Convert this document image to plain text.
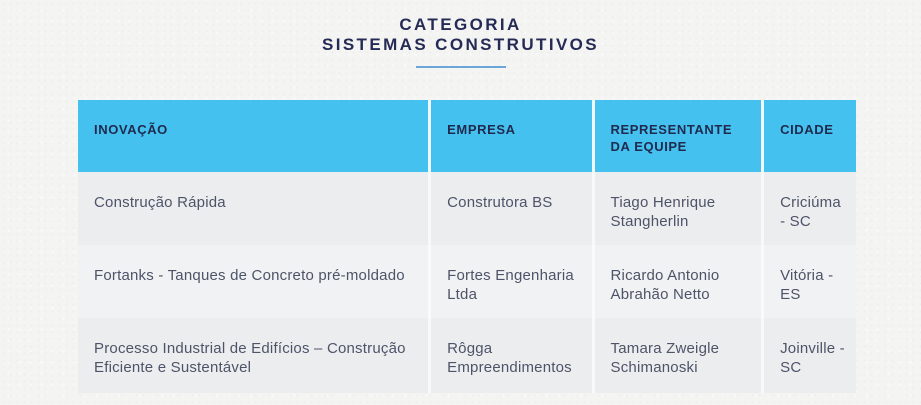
CATEGORIA
SISTEMAS CONSTRUTIVOS
INOVAÇÃO	EMPRESA	REPRESENTANTE DA EQUIPE	CIDADE
Construção Rápida	Construtora BS	Tiago Henrique Stangherlin	Criciúma - SC
Fortanks - Tanques de Concreto pré-moldado	Fortes Engenharia Ltda	Ricardo Antonio Abrahão Netto	Vitória - ES
Processo Industrial de Edifícios – Construção Eficiente e Sustentável	Rôgga Empreendimentos	Tamara Zweigle Schimanoski	Joinville - SC
